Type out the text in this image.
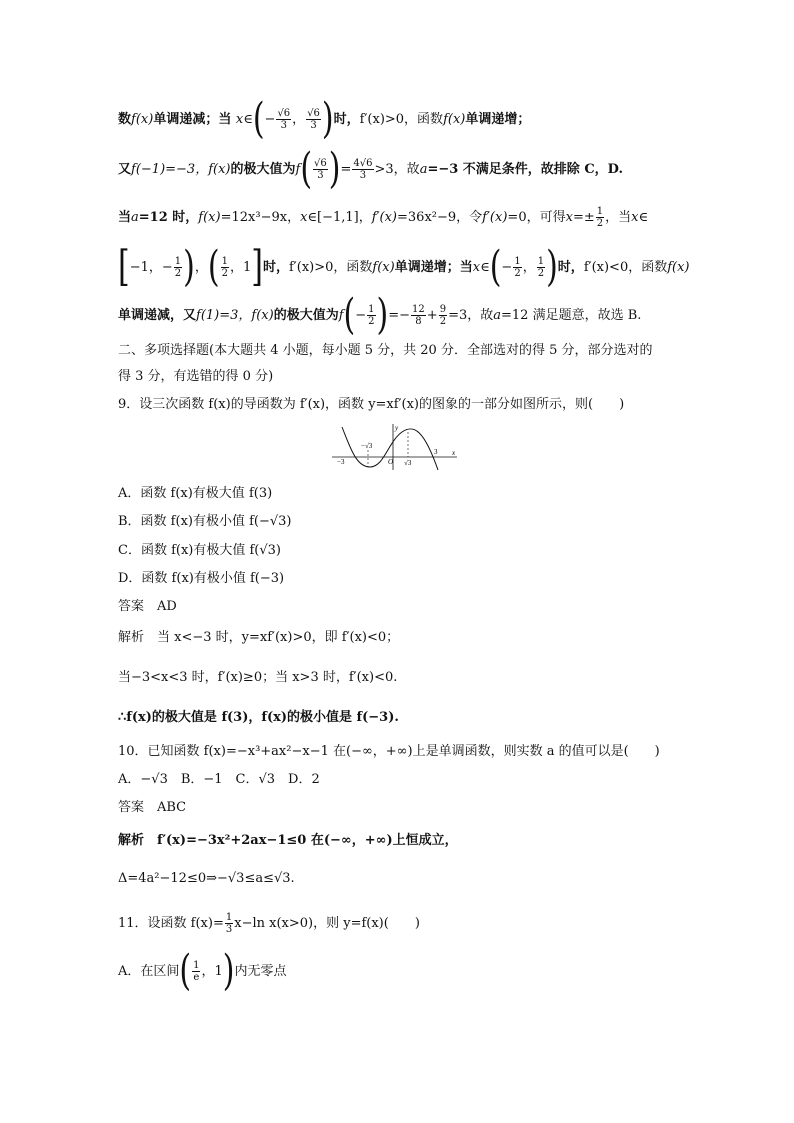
数f(x)单调递减；当 x∈(− $\frac{√6}{3}$ ， $\frac{√6}{3}$ )时，f′(x)>0，函数f(x)单调递增；
又f(−1)=−3，f(x)的极大值为$f( \frac{√6}{3}$ )= $\frac{4√6}{3} >3$，故a=−3 不满足条件，故排除 C，D.
当a=12 时，f(x)=12x³−9x，x∈[−1,1]，f′(x)=36x²−9，令f′(x)=0，可得$x=\pm \frac{1}{2}$ ，当x∈
[−1，− $\frac{1}{2}$ )，( $\frac{1}{2}$ ，1]时，f′(x)>0，函数f(x)单调递增；当x∈(− $\frac{1}{2}$ ， $\frac{1}{2}$ )时，f′(x)<0，函数f(x)
单调递减，又f(1)=3，f(x)的极大值为$f(- \frac{1}{2}$ )=− $\frac{12}{8} + \frac{9}{2} =3$，故a=12 满足题意，故选 B.
二、多项选择题(本大题共 4 小题，每小题 5 分，共 20 分．全部选对的得 5 分，部分选对的
得 3 分，有选错的得 0 分)
9．设三次函数 f(x)的导函数为 f′(x)，函数 y=xf′(x)的图象的一部分如图所示，则(　　)
y
x
O
−3
−√3
√3
3
A．函数 f(x)有极大值 f(3)
B．函数 f(x)有极小值 f(−√3)
C．函数 f(x)有极大值 f(√3)
D．函数 f(x)有极小值 f(−3)
答案　AD
解析　当 x<−3 时，y=xf′(x)>0，即 f′(x)<0；
当−3<x<3 时，f′(x)≥0；当 x>3 时，f′(x)<0.
∴f(x)的极大值是 f(3)，f(x)的极小值是 f(−3).
10．已知函数 f(x)=−x³+ax²−x−1 在(−∞，+∞)上是单调函数，则实数 a 的值可以是(　　)
A．−√3　B．−1　C．√3　D．2
答案　ABC
解析　f′(x)=−3x²+2ax−1≤0 在(−∞，+∞)上恒成立，
Δ=4a²−12≤0⇒−√3≤a≤√3.
11．设函数 $f(x)= \frac{1}{3} x-\ln$ x(x>0)，则 y=f(x)(　　)
A．在区间( $\frac{1}{e}$ ，1)内无零点
